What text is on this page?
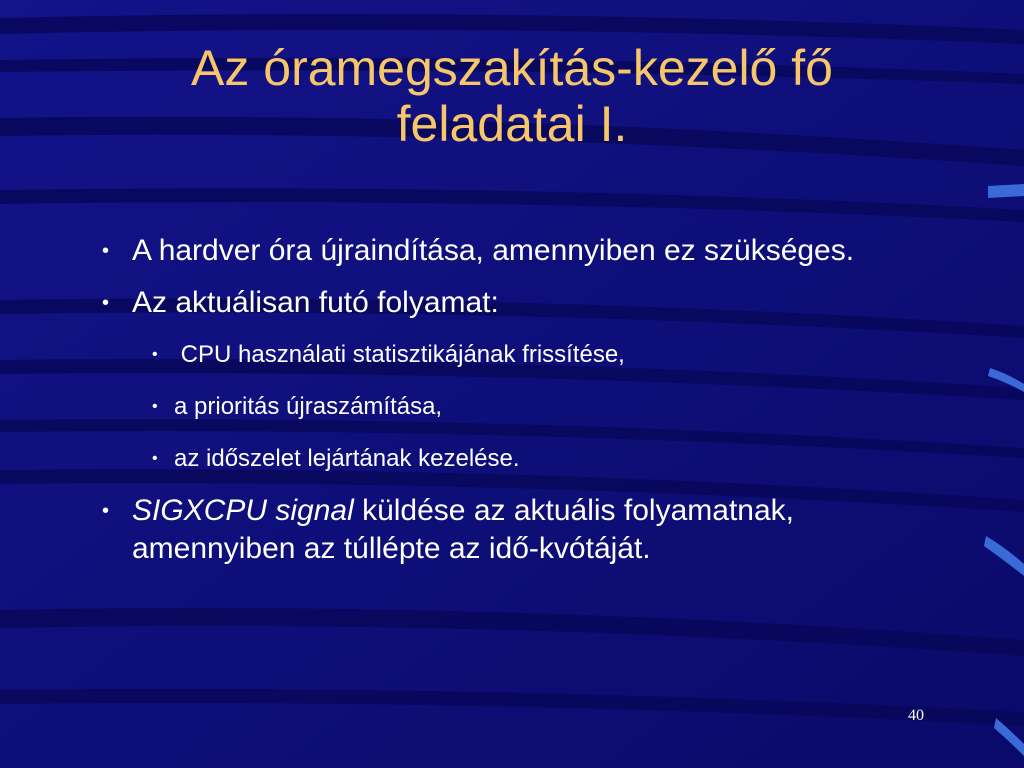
Az óramegszakítás-kezelő fő
feladatai I.
• A hardver óra újraindítása, amennyiben ez szükséges.
• Az aktuálisan futó folyamat:
• CPU használati statisztikájának frissítése,
• a prioritás újraszámítása,
• az időszelet lejártának kezelése.
• SIGXCPU signal küldése az aktuális folyamatnak, amennyiben az túllépte az idő-kvótáját.
40
